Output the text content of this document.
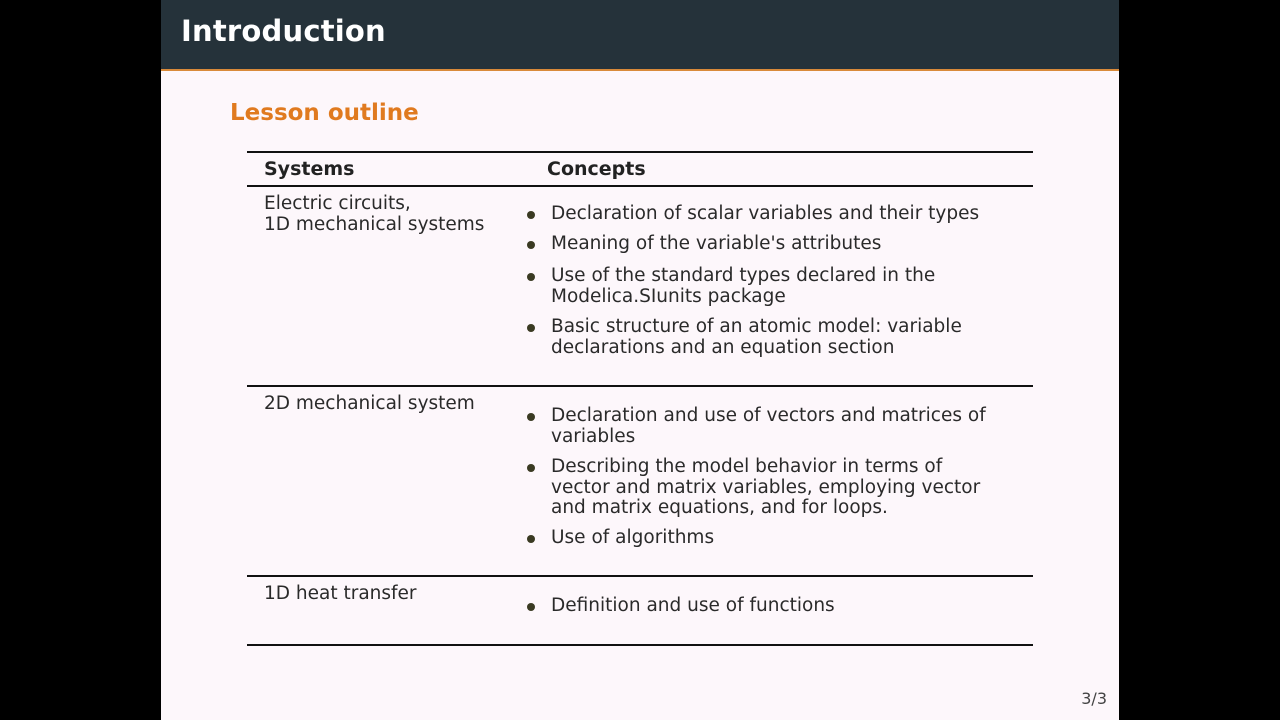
Introduction
Lesson outline
Systems	Concepts
Electric circuits,
1D mechanical systems
Declaration of scalar variables and their types
Meaning of the variable's attributes
Use of the standard types declared in the Modelica.SIunits package
Basic structure of an atomic model: variable declarations and an equation section
2D mechanical system
Declaration and use of vectors and matrices of variables
Describing the model behavior in terms of vector and matrix variables, employing vector and matrix equations, and for loops.
Use of algorithms
1D heat transfer
Definition and use of functions
3/3
